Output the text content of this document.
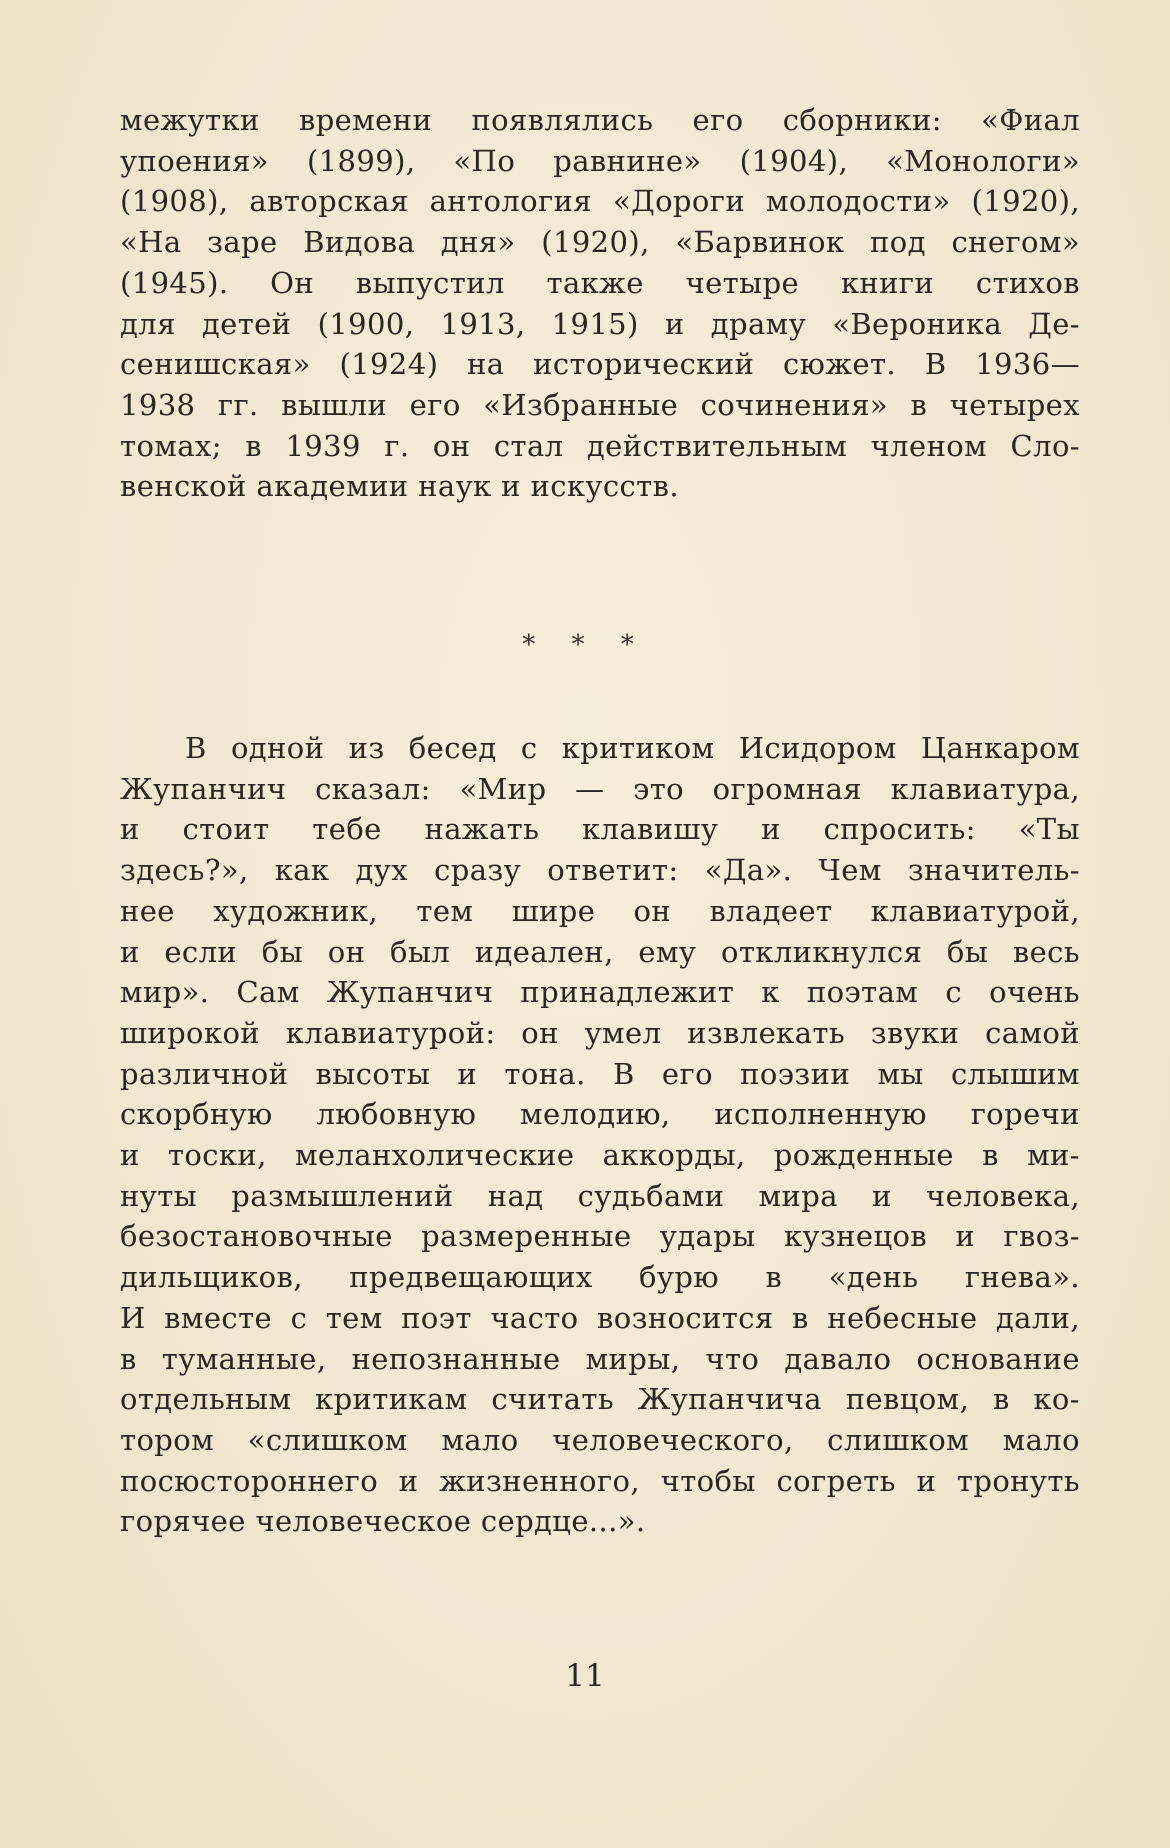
межутки времени появлялись его сборники: «Фиал
упоения» (1899), «По равнине» (1904), «Монологи»
(1908), авторская антология «Дороги молодости» (1920),
«На заре Видова дня» (1920), «Барвинок под снегом»
(1945). Он выпустил также четыре книги стихов
для детей (1900, 1913, 1915) и драму «Вероника Де-
сенишская» (1924) на исторический сюжет. В 1936—
1938 гг. вышли его «Избранные сочинения» в четырех
томах; в 1939 г. он стал действительным членом Сло-
венской академии наук и искусств.
* * *
В одной из бесед с критиком Исидором Цанкаром
Жупанчич сказал: «Мир — это огромная клавиатура,
и стоит тебе нажать клавишу и спросить: «Ты
здесь?», как дух сразу ответит: «Да». Чем значитель-
нее художник, тем шире он владеет клавиатурой,
и если бы он был идеален, ему откликнулся бы весь
мир». Сам Жупанчич принадлежит к поэтам с очень
широкой клавиатурой: он умел извлекать звуки самой
различной высоты и тона. В его поэзии мы слышим
скорбную любовную мелодию, исполненную горечи
и тоски, меланхолические аккорды, рожденные в ми-
нуты размышлений над судьбами мира и человека,
безостановочные размеренные удары кузнецов и гвоз-
дильщиков, предвещающих бурю в «день гнева».
И вместе с тем поэт часто возносится в небесные дали,
в туманные, непознанные миры, что давало основание
отдельным критикам считать Жупанчича певцом, в ко-
тором «слишком мало человеческого, слишком мало
посюстороннего и жизненного, чтобы согреть и тронуть
горячее человеческое сердце...».
11
